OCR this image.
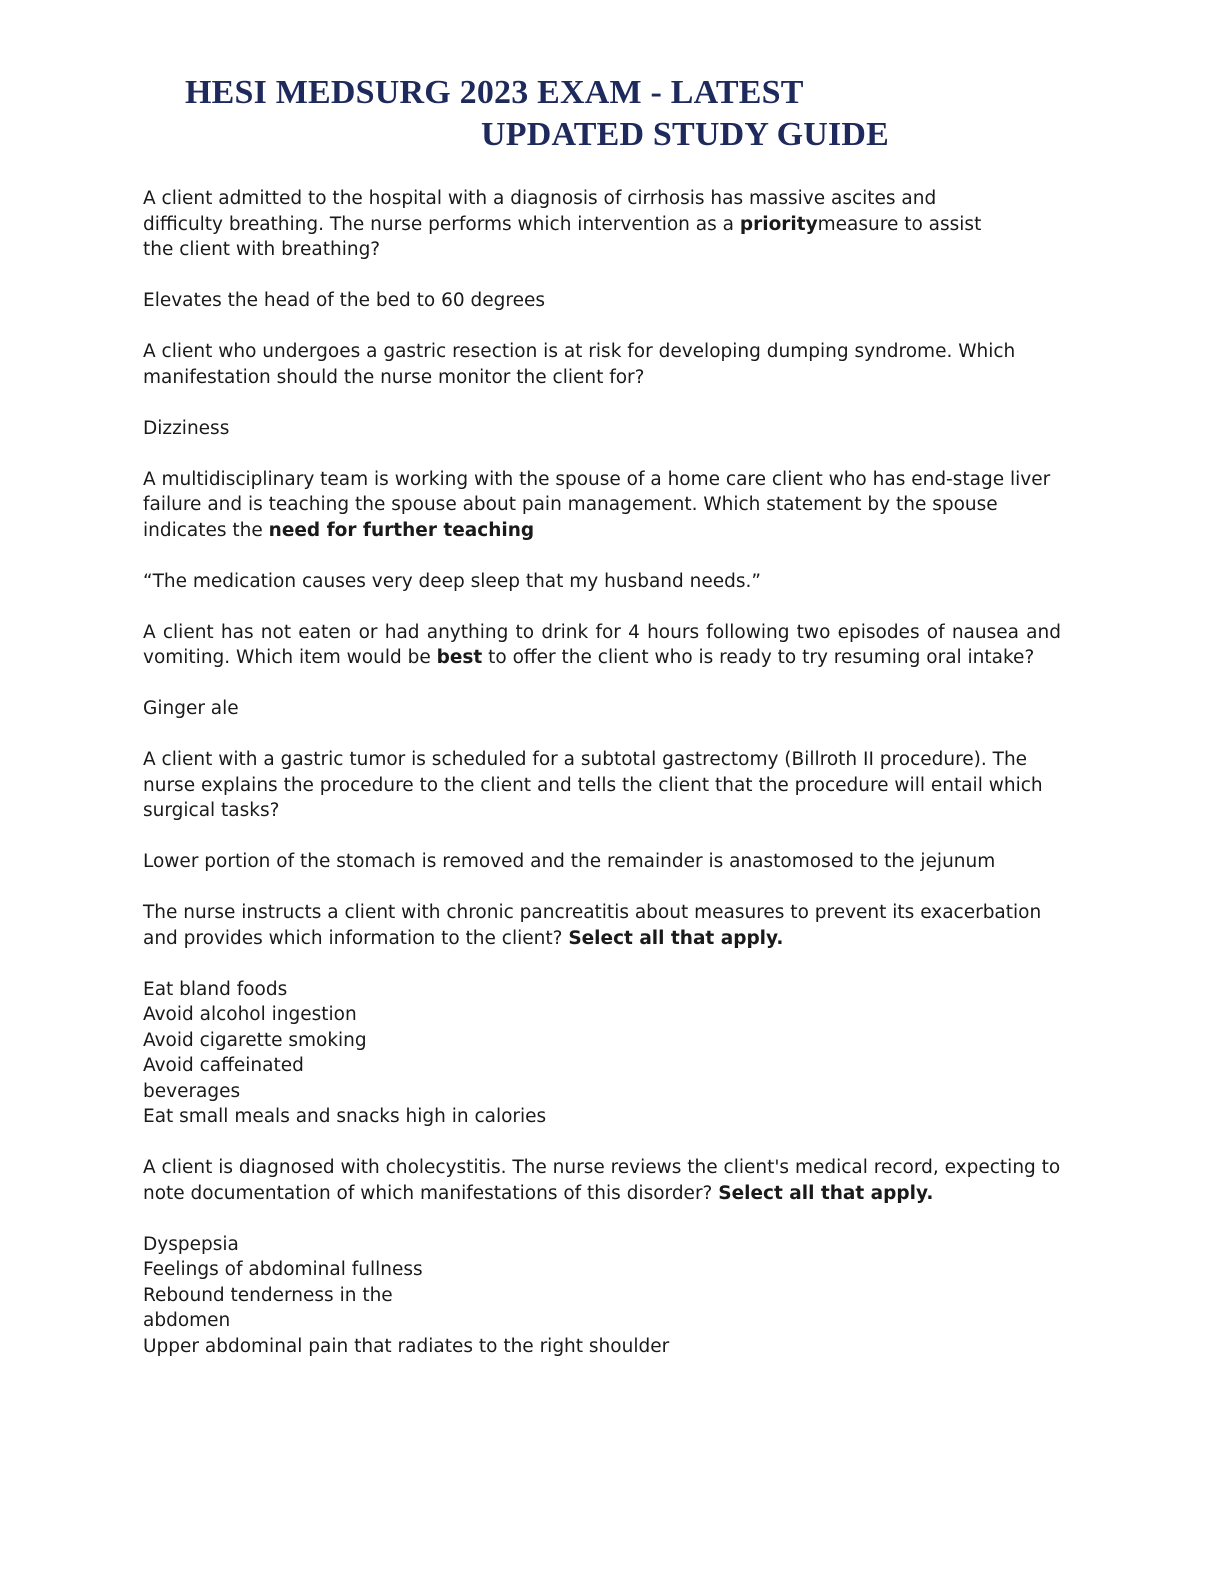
HESI MEDSURG 2023 EXAM - LATEST
UPDATED STUDY GUIDE

A client admitted to the hospital with a diagnosis of cirrhosis has massive ascites and
difficulty breathing. The nurse performs which intervention as a prioritymeasure to assist
the client with breathing?

Elevates the head of the bed to 60 degrees

A client who undergoes a gastric resection is at risk for developing dumping syndrome. Which manifestation should the nurse monitor the client for?

Dizziness

A multidisciplinary team is working with the spouse of a home care client who has end-stage liver failure and is teaching the spouse about pain management. Which statement by the spouse indicates the need for further teaching

“The medication causes very deep sleep that my husband needs.”

A client has not eaten or had anything to drink for 4 hours following two episodes of nausea and vomiting. Which item would be best to offer the client who is ready to try resuming oral intake?

Ginger ale

A client with a gastric tumor is scheduled for a subtotal gastrectomy (Billroth II procedure). The nurse explains the procedure to the client and tells the client that the procedure will entail which surgical tasks?

Lower portion of the stomach is removed and the remainder is anastomosed to the jejunum

The nurse instructs a client with chronic pancreatitis about measures to prevent its exacerbation and provides which information to the client? Select all that apply.

Eat bland foods
Avoid alcohol ingestion
Avoid cigarette smoking
Avoid caffeinated
beverages
Eat small meals and snacks high in calories

A client is diagnosed with cholecystitis. The nurse reviews the client's medical record, expecting to note documentation of which manifestations of this disorder? Select all that apply.

Dyspepsia
Feelings of abdominal fullness
Rebound tenderness in the
abdomen
Upper abdominal pain that radiates to the right shoulder
